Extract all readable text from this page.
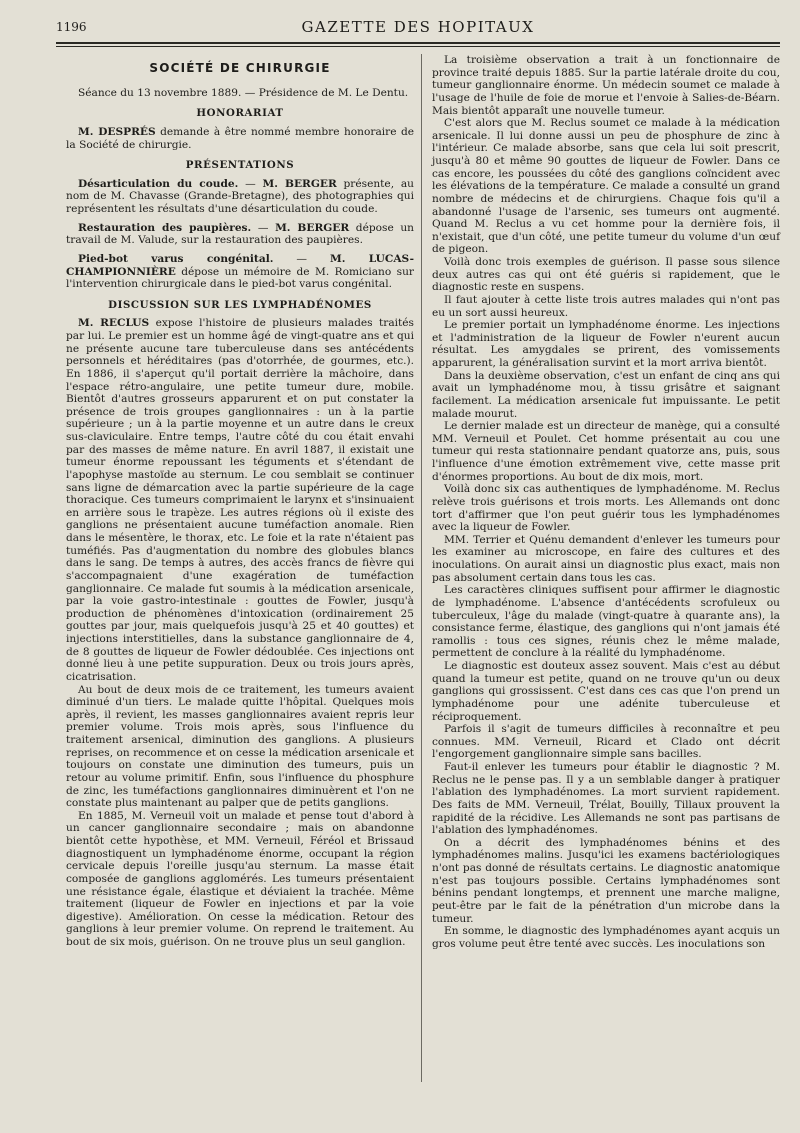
1196	GAZETTE DES HOPITAUX
SOCIÉTÉ DE CHIRURGIE

Séance du 13 novembre 1889. — Présidence de M. Le Dentu.

HONORARIAT

M. DESPRÉS demande à être nommé membre honoraire de la Société de chirurgie.

PRÉSENTATIONS

Désarticulation du coude. — M. BERGER présente, au nom de M. Chavasse (Grande-Bretagne), des photographies qui représentent les résultats d'une désarticulation du coude.

Restauration des paupières. — M. BERGER dépose un travail de M. Valude, sur la restauration des paupières.

Pied-bot varus congénital. — M. LUCAS-CHAMPIONNIÈRE dépose un mémoire de M. Romiciano sur l'intervention chirurgicale dans le pied-bot varus congénital.

DISCUSSION SUR LES LYMPHADÉNOMES

M. RECLUS expose l'histoire de plusieurs malades traités par lui. Le premier est un homme âgé de vingt-quatre ans et qui ne présente aucune tare tuberculeuse dans ses antécédents personnels et héréditaires (pas d'otorrhée, de gourmes, etc.). En 1886, il s'aperçut qu'il portait derrière la mâchoire, dans l'espace rétro-angulaire, une petite tumeur dure, mobile. Bientôt d'autres grosseurs apparurent et on put constater la présence de trois groupes ganglionnaires : un à la partie supérieure ; un à la partie moyenne et un autre dans le creux sus-claviculaire. Entre temps, l'autre côté du cou était envahi par des masses de même nature. En avril 1887, il existait une tumeur énorme repoussant les téguments et s'étendant de l'apophyse mastoïde au sternum. Le cou semblait se continuer sans ligne de démarcation avec la partie supérieure de la cage thoracique. Ces tumeurs comprimaient le larynx et s'insinuaient en arrière sous le trapèze. Les autres régions où il existe des ganglions ne présentaient aucune tuméfaction anomale. Rien dans le mésentère, le thorax, etc. Le foie et la rate n'étaient pas tuméfiés. Pas d'augmentation du nombre des globules blancs dans le sang. De temps à autres, des accès francs de fièvre qui s'accompagnaient d'une exagération de tuméfaction ganglionnaire. Ce malade fut soumis à la médication arsenicale, par la voie gastro-intestinale : gouttes de Fowler, jusqu'à production de phénomènes d'intoxication (ordinairement 25 gouttes par jour, mais quelquefois jusqu'à 25 et 40 gouttes) et injections interstitielles, dans la substance ganglionnaire de 4, de 8 gouttes de liqueur de Fowler dédoublée. Ces injections ont donné lieu à une petite suppuration. Deux ou trois jours après, cicatrisation.

Au bout de deux mois de ce traitement, les tumeurs avaient diminué d'un tiers. Le malade quitte l'hôpital. Quelques mois après, il revient, les masses ganglionnaires avaient repris leur premier volume. Trois mois après, sous l'influence du traitement arsenical, diminution des ganglions. A plusieurs reprises, on recommence et on cesse la médication arsenicale et toujours on constate une diminution des tumeurs, puis un retour au volume primitif. Enfin, sous l'influence du phosphure de zinc, les tuméfactions ganglionnaires diminuèrent et l'on ne constate plus maintenant au palper que de petits ganglions.

En 1885, M. Verneuil voit un malade et pense tout d'abord à un cancer ganglionnaire secondaire ; mais on abandonne bientôt cette hypothèse, et MM. Verneuil, Féréol et Brissaud diagnostiquent un lymphadénome énorme, occupant la région cervicale depuis l'oreille jusqu'au sternum. La masse était composée de ganglions agglomérés. Les tumeurs présentaient une résistance égale, élastique et déviaient la trachée. Même traitement (liqueur de Fowler en injections et par la voie digestive). Amélioration. On cesse la médication. Retour des ganglions à leur premier volume. On reprend le traitement. Au bout de six mois, guérison. On ne trouve plus un seul ganglion.

La troisième observation a trait à un fonctionnaire de province traité depuis 1885. Sur la partie latérale droite du cou, tumeur ganglionnaire énorme. Un médecin soumet ce malade à l'usage de l'huile de foie de morue et l'envoie à Salies-de-Béarn. Mais bientôt apparaît une nouvelle tumeur.

C'est alors que M. Reclus soumet ce malade à la médication arsenicale. Il lui donne aussi un peu de phosphure de zinc à l'intérieur. Ce malade absorbe, sans que cela lui soit prescrit, jusqu'à 80 et même 90 gouttes de liqueur de Fowler. Dans ce cas encore, les poussées du côté des ganglions coïncident avec les élévations de la température. Ce malade a consulté un grand nombre de médecins et de chirurgiens. Chaque fois qu'il a abandonné l'usage de l'arsenic, ses tumeurs ont augmenté. Quand M. Reclus a vu cet homme pour la dernière fois, il n'existait, que d'un côté, une petite tumeur du volume d'un œuf de pigeon.

Voilà donc trois exemples de guérison. Il passe sous silence deux autres cas qui ont été guéris si rapidement, que le diagnostic reste en suspens.

Il faut ajouter à cette liste trois autres malades qui n'ont pas eu un sort aussi heureux.

Le premier portait un lymphadénome énorme. Les injections et l'administration de la liqueur de Fowler n'eurent aucun résultat. Les amygdales se prirent, des vomissements apparurent, la généralisation survint et la mort arriva bientôt.

Dans la deuxième observation, c'est un enfant de cinq ans qui avait un lymphadénome mou, à tissu grisâtre et saignant facilement. La médication arsenicale fut impuissante. Le petit malade mourut.

Le dernier malade est un directeur de manège, qui a consulté MM. Verneuil et Poulet. Cet homme présentait au cou une tumeur qui resta stationnaire pendant quatorze ans, puis, sous l'influence d'une émotion extrêmement vive, cette masse prit d'énormes proportions. Au bout de dix mois, mort.

Voilà donc six cas authentiques de lymphadénome. M. Reclus relève trois guérisons et trois morts. Les Allemands ont donc tort d'affirmer que l'on peut guérir tous les lymphadénomes avec la liqueur de Fowler.

MM. Terrier et Quénu demandent d'enlever les tumeurs pour les examiner au microscope, en faire des cultures et des inoculations. On aurait ainsi un diagnostic plus exact, mais non pas absolument certain dans tous les cas.

Les caractères cliniques suffisent pour affirmer le diagnostic de lymphadénome. L'absence d'antécédents scrofuleux ou tuberculeux, l'âge du malade (vingt-quatre à quarante ans), la consistance ferme, élastique, des ganglions qui n'ont jamais été ramollis : tous ces signes, réunis chez le même malade, permettent de conclure à la réalité du lymphadénome.

Le diagnostic est douteux assez souvent. Mais c'est au début quand la tumeur est petite, quand on ne trouve qu'un ou deux ganglions qui grossissent. C'est dans ces cas que l'on prend un lymphadénome pour une adénite tuberculeuse et réciproquement.

Parfois il s'agit de tumeurs difficiles à reconnaître et peu connues. MM. Verneuil, Ricard et Clado ont décrit l'engorgement ganglionnaire simple sans bacilles.

Faut-il enlever les tumeurs pour établir le diagnostic ? M. Reclus ne le pense pas. Il y a un semblable danger à pratiquer l'ablation des lymphadénomes. La mort survient rapidement. Des faits de MM. Verneuil, Trélat, Bouilly, Tillaux prouvent la rapidité de la récidive. Les Allemands ne sont pas partisans de l'ablation des lymphadénomes.

On a décrit des lymphadénomes bénins et des lymphadénomes malins. Jusqu'ici les examens bactériologiques n'ont pas donné de résultats certains. Le diagnostic anatomique n'est pas toujours possible. Certains lymphadénomes sont bénins pendant longtemps, et prennent une marche maligne, peut-être par le fait de la pénétration d'un microbe dans la tumeur.

En somme, le diagnostic des lymphadénomes ayant acquis un gros volume peut être tenté avec succès. Les inoculations son
